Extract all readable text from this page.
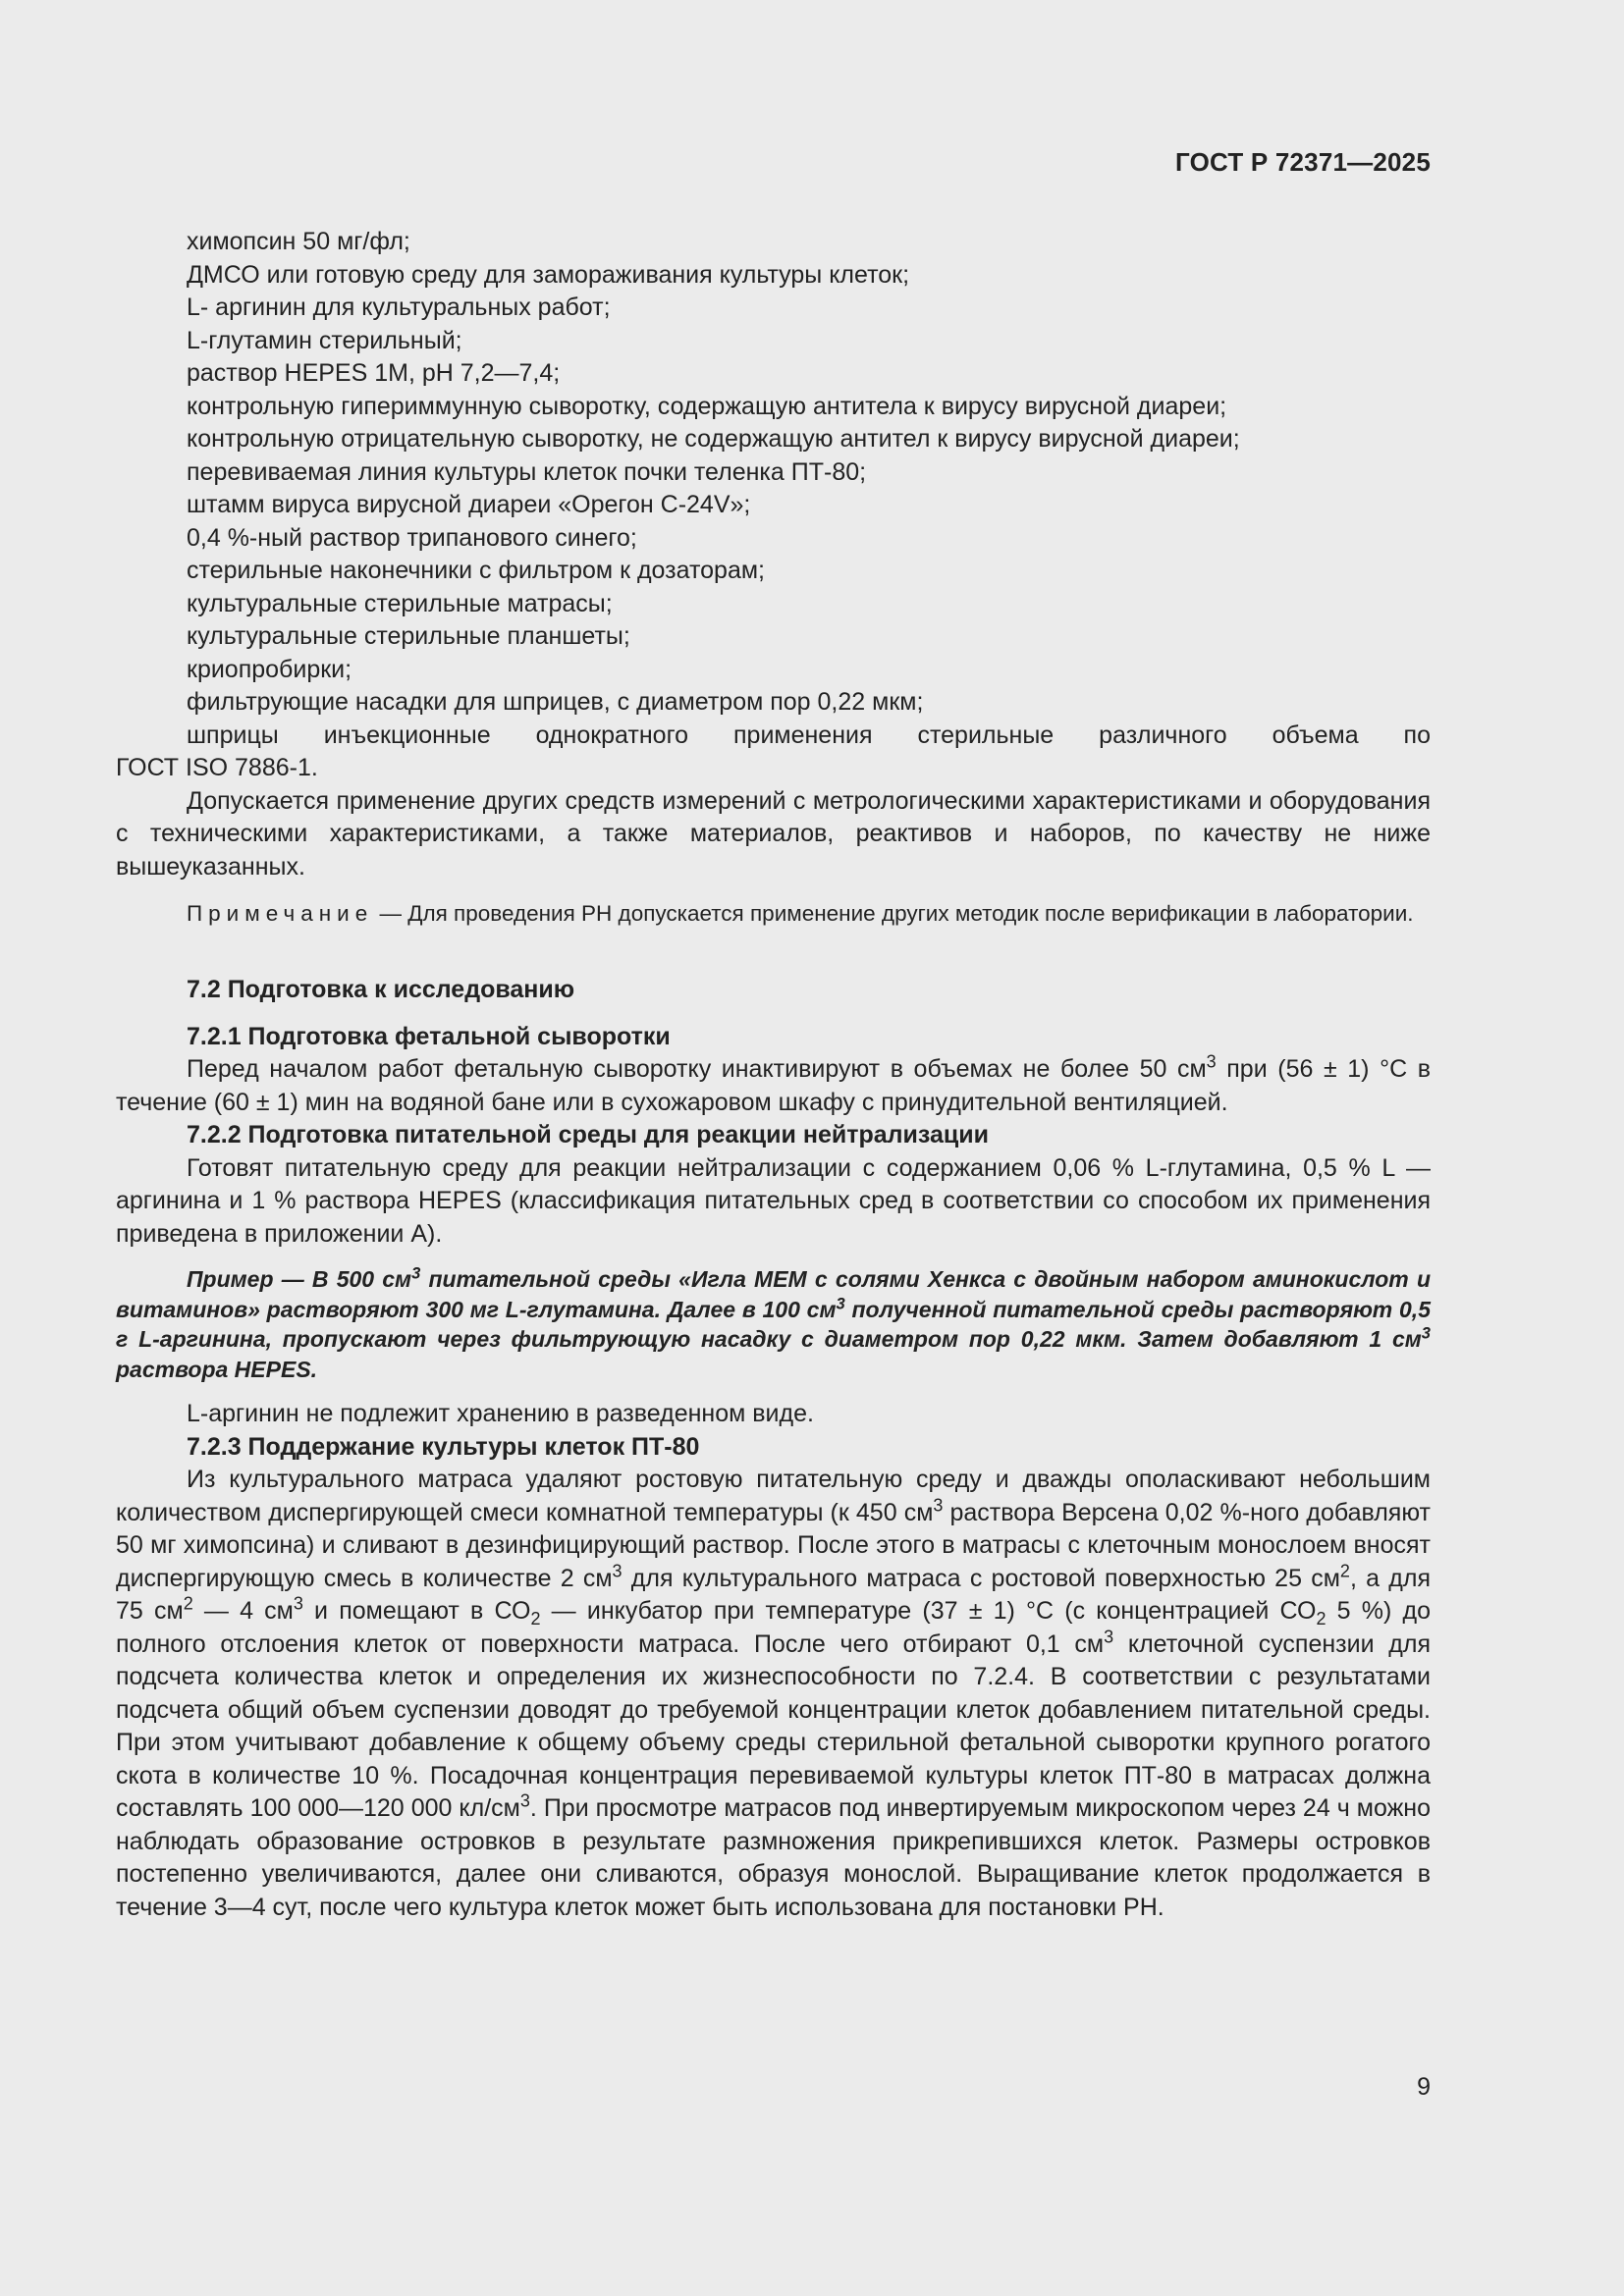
ГОСТ Р 72371—2025
химопсин 50 мг/фл;
ДМСО или готовую среду для замораживания культуры клеток;
L- аргинин для культуральных работ;
L-глутамин стерильный;
раствор HEPES 1M, pH 7,2—7,4;
контрольную гипериммунную сыворотку, содержащую антитела к вирусу вирусной диареи;
контрольную отрицательную сыворотку, не содержащую антител к вирусу вирусной диареи;
перевиваемая линия культуры клеток почки теленка ПТ-80;
штамм вируса вирусной диареи «Орегон С-24V»;
0,4 %-ный раствор трипанового синего;
стерильные наконечники с фильтром к дозаторам;
культуральные стерильные матрасы;
культуральные стерильные планшеты;
криопробирки;
фильтрующие насадки для шприцев, с диаметром пор 0,22 мкм;
шприцы инъекционные однократного применения стерильные различного объема по
ГОСТ ISO 7886-1.

Допускается применение других средств измерений с метрологическими характеристиками и оборудования с техническими характеристиками, а также материалов, реактивов и наборов, по качеству не ниже вышеуказанных.

Примечание — Для проведения РН допускается применение других методик после верификации в лаборатории.
7.2 Подготовка к исследованию
7.2.1 Подготовка фетальной сыворотки

Перед началом работ фетальную сыворотку инактивируют в объемах не более 50 $см^3$ при (56 ± 1) °С в течение (60 ± 1) мин на водяной бане или в сухожаровом шкафу с принудительной вентиляцией.

7.2.2 Подготовка питательной среды для реакции нейтрализации

Готовят питательную среду для реакции нейтрализации с содержанием 0,06 % L-глутамина, 0,5 % L — аргинина и 1 % раствора HEPES (классификация питательных сред в соответствии со способом их применения приведена в приложении А).

Пример — В 500 $см^3$ питательной среды «Игла MEM с солями Хенкса с двойным набором аминокислот и витаминов» растворяют 300 мг L-глутамина. Далее в 100 $см^3$ полученной питательной среды растворяют 0,5 г L-аргинина, пропускают через фильтрующую насадку с диаметром пор 0,22 мкм. Затем добавляют 1 $см^3$ раствора HEPES.

L-аргинин не подлежит хранению в разведенном виде.
7.2.3 Поддержание культуры клеток ПТ-80

Из культурального матраса удаляют ростовую питательную среду и дважды ополаскивают небольшим количеством диспергирующей смеси комнатной температуры (к 450 $см^3$ раствора Версена 0,02 %-ного добавляют 50 мг химопсина) и сливают в дезинфицирующий раствор. После этого в матрасы с клеточным монослоем вносят диспергирующую смесь в количестве 2 $см^3$ для культурального матраса с ростовой поверхностью 25 $см^2$, а для 75 $см^2$ — 4 $см^3$ и помещают в $СО_2$ — инкубатор при температуре (37 ± 1) °С (с концентрацией $СО_2$ 5 %) до полного отслоения клеток от поверхности матраса. После чего отбирают 0,1 $см^3$ клеточной суспензии для подсчета количества клеток и определения их жизнеспособности по 7.2.4. В соответствии с результатами подсчета общий объем суспензии доводят до требуемой концентрации клеток добавлением питательной среды. При этом учитывают добавление к общему объему среды стерильной фетальной сыворотки крупного рогатого скота в количестве 10 %. Посадочная концентрация перевиваемой культуры клеток ПТ-80 в матрасах должна составлять 100 000—120 000 $кл/см^3$. При просмотре матрасов под инвертируемым микроскопом через 24 ч можно наблюдать образование островков в результате размножения прикрепившихся клеток. Размеры островков постепенно увеличиваются, далее они сливаются, образуя монослой. Выращивание клеток продолжается в течение 3—4 сут, после чего культура клеток может быть использована для постановки РН.

9
